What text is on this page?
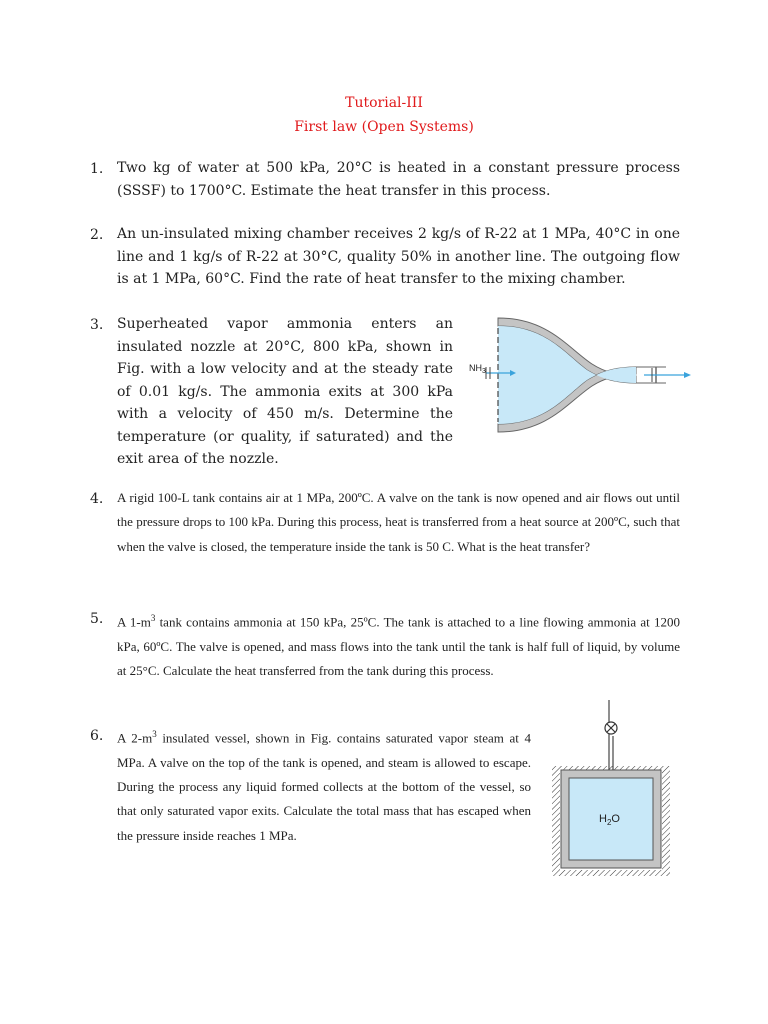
Tutorial-III
First law (Open Systems)
1. Two kg of water at 500 kPa, 20°C is heated in a constant pressure process (SSSF) to 1700°C. Estimate the heat transfer in this process.
2. An un-insulated mixing chamber receives 2 kg/s of R-22 at 1 MPa, 40°C in one line and 1 kg/s of R-22 at 30°C, quality 50% in another line. The outgoing flow is at 1 MPa, 60°C. Find the rate of heat transfer to the mixing chamber.
3. Superheated vapor ammonia enters an insulated nozzle at 20°C, 800 kPa, shown in Fig. with a low velocity and at the steady rate of 0.01 kg/s. The ammonia exits at 300 kPa with a velocity of 450 m/s. Determine the temperature (or quality, if saturated) and the exit area of the nozzle.
$NH_3$
4. A rigid 100-L tank contains air at 1 MPa, 200ºC. A valve on the tank is now opened and air flows out until the pressure drops to 100 kPa. During this process, heat is transferred from a heat source at 200ºC, such that when the valve is closed, the temperature inside the tank is 50 C. What is the heat transfer?
5. A $1-m^3$ tank contains ammonia at 150 kPa, 25ºC. The tank is attached to a line flowing ammonia at 1200 kPa, 60ºC. The valve is opened, and mass flows into the tank until the tank is half full of liquid, by volume at 25°C. Calculate the heat transferred from the tank during this process.
6. A $2-m^3$ insulated vessel, shown in Fig. contains saturated vapor steam at 4 MPa. A valve on the top of the tank is opened, and steam is allowed to escape. During the process any liquid formed collects at the bottom of the vessel, so that only saturated vapor exits. Calculate the total mass that has escaped when the pressure inside reaches 1 MPa.
$H_2O$
